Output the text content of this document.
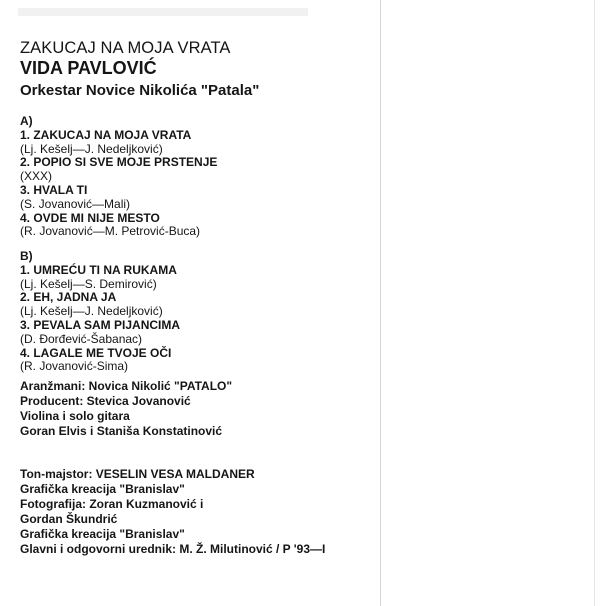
ZAKUCAJ NA MOJA VRATA
VIDA PAVLOVIĆ
Orkestar Novice Nikolića "Patala"
A)
1. ZAKUCAJ NA MOJA VRATA
(Lj. Kešelj—J. Nedeljković)
2. POPIO SI SVE MOJE PRSTENJE
(XXX)
3. HVALA TI
(S. Jovanović—Mali)
4. OVDE MI NIJE MESTO
(R. Jovanović—M. Petrović-Buca)
B)
1. UMREĆU TI NA RUKAMA
(Lj. Kešelj—S. Demirović)
2. EH, JADNA JA
(Lj. Kešelj—J. Nedeljković)
3. PEVALA SAM PIJANCIMA
(D. Đorđević-Šabanac)
4. LAGALE ME TVOJE OČI
(R. Jovanović-Sima)
Aranžmani: Novica Nikolić "PATALO"
Producent: Stevica Jovanović
Violina i solo gitara
Goran Elvis i Staniša Konstatinović
Ton-majstor: VESELIN VESA MALDANER
Grafička kreacija "Branislav"
Fotografija: Zoran Kuzmanović i
Gordan Škundrić
Grafička kreacija "Branislav"
Glavni i odgovorni urednik: M. Ž. Milutinović / P '93—I
